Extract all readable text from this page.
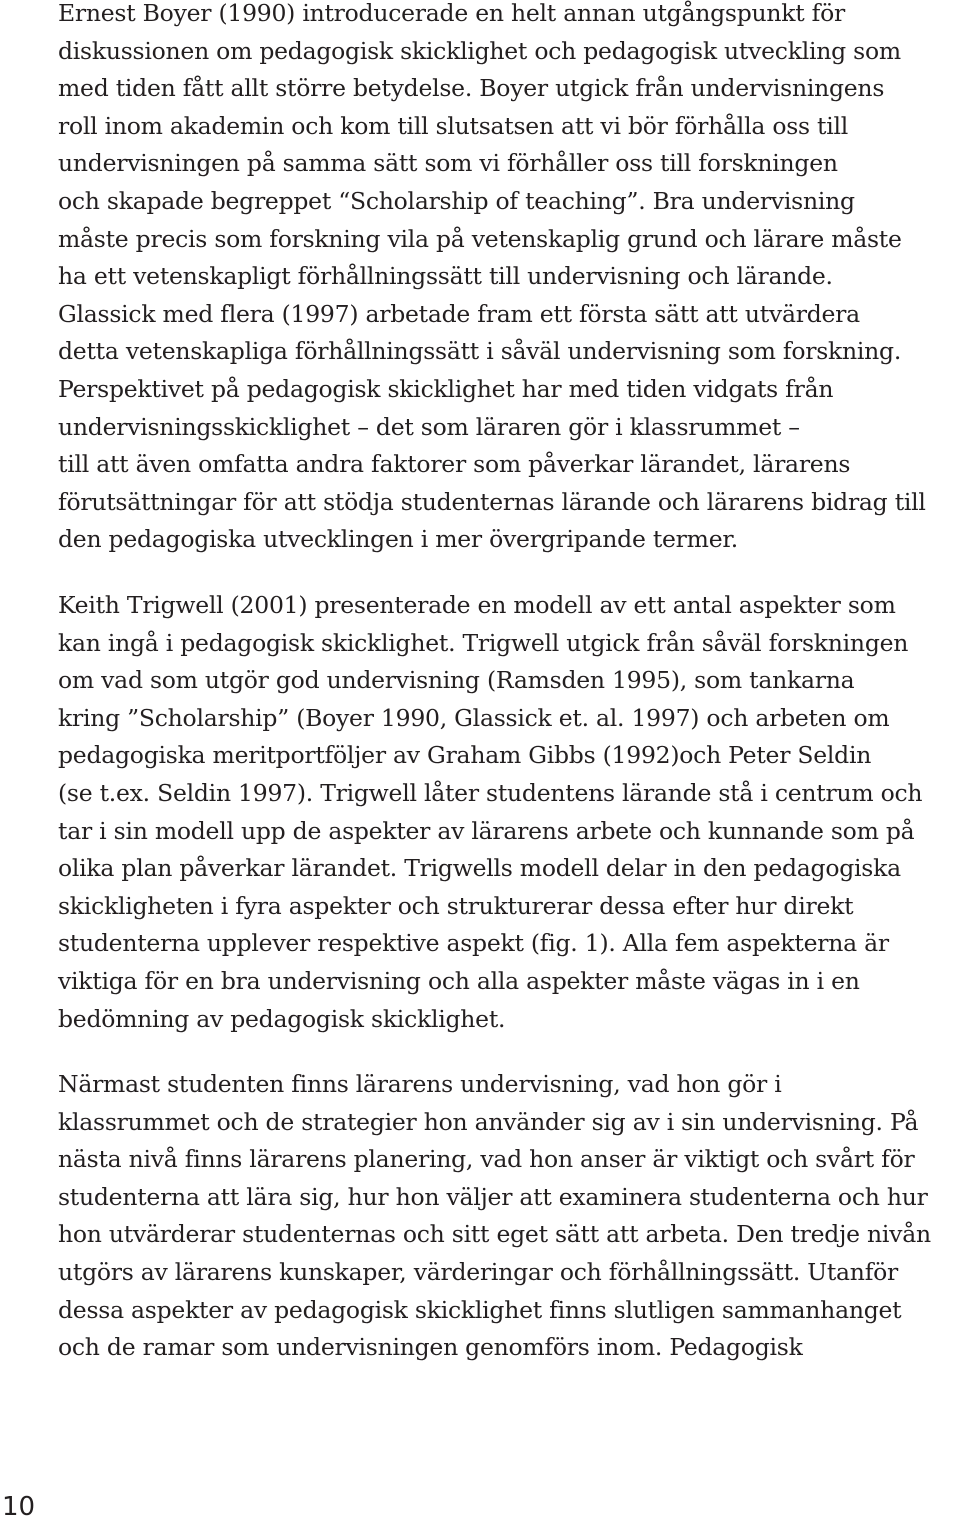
Ernest Boyer (1990) introducerade en helt annan utgångspunkt för
diskussionen om pedagogisk skicklighet och pedagogisk utveckling som
med tiden fått allt större betydelse. Boyer utgick från undervisningens
roll inom akademin och kom till slutsatsen att vi bör förhålla oss till
undervisningen på samma sätt som vi förhåller oss till forskningen
och skapade begreppet “Scholarship of teaching”. Bra undervisning
måste precis som forskning vila på vetenskaplig grund och lärare måste
ha ett vetenskapligt förhållningssätt till undervisning och lärande.
Glassick med flera (1997) arbetade fram ett första sätt att utvärdera
detta vetenskapliga förhållningssätt i såväl undervisning som forskning.
Perspektivet på pedagogisk skicklighet har med tiden vidgats från
undervisningsskicklighet – det som läraren gör i klassrummet –
till att även omfatta andra faktorer som påverkar lärandet, lärarens
förutsättningar för att stödja studenternas lärande och lärarens bidrag till
den pedagogiska utvecklingen i mer övergripande termer.

Keith Trigwell (2001) presenterade en modell av ett antal aspekter som
kan ingå i pedagogisk skicklighet. Trigwell utgick från såväl forskningen
om vad som utgör god undervisning (Ramsden 1995), som tankarna
kring ”Scholarship” (Boyer 1990, Glassick et. al. 1997) och arbeten om
pedagogiska meritportföljer av Graham Gibbs (1992)och Peter Seldin
(se t.ex. Seldin 1997). Trigwell låter studentens lärande stå i centrum och
tar i sin modell upp de aspekter av lärarens arbete och kunnande som på
olika plan påverkar lärandet. Trigwells modell delar in den pedagogiska
skickligheten i fyra aspekter och strukturerar dessa efter hur direkt
studenterna upplever respektive aspekt (fig. 1). Alla fem aspekterna är
viktiga för en bra undervisning och alla aspekter måste vägas in i en
bedömning av pedagogisk skicklighet.

Närmast studenten finns lärarens undervisning, vad hon gör i
klassrummet och de strategier hon använder sig av i sin undervisning. På
nästa nivå finns lärarens planering, vad hon anser är viktigt och svårt för
studenterna att lära sig, hur hon väljer att examinera studenterna och hur
hon utvärderar studenternas och sitt eget sätt att arbeta. Den tredje nivån
utgörs av lärarens kunskaper, värderingar och förhållningssätt. Utanför
dessa aspekter av pedagogisk skicklighet finns slutligen sammanhanget
och de ramar som undervisningen genomförs inom. Pedagogisk

10
